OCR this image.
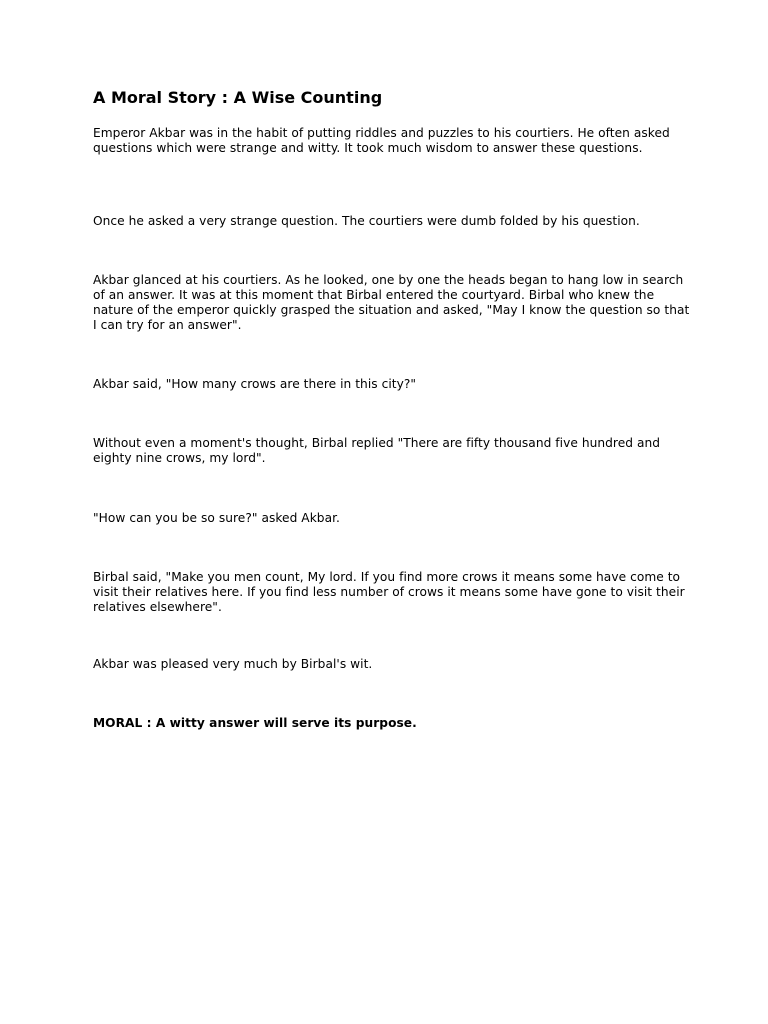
A Moral Story : A Wise Counting

Emperor Akbar was in the habit of putting riddles and puzzles to his courtiers. He often asked questions which were strange and witty. It took much wisdom to answer these questions.

Once he asked a very strange question. The courtiers were dumb folded by his question.

Akbar glanced at his courtiers. As he looked, one by one the heads began to hang low in search of an answer. It was at this moment that Birbal entered the courtyard. Birbal who knew the nature of the emperor quickly grasped the situation and asked, "May I know the question so that I can try for an answer".

Akbar said, "How many crows are there in this city?"

Without even a moment's thought, Birbal replied "There are fifty thousand five hundred and eighty nine crows, my lord".

"How can you be so sure?" asked Akbar.

Birbal said, "Make you men count, My lord. If you find more crows it means some have come to visit their relatives here. If you find less number of crows it means some have gone to visit their relatives elsewhere".

Akbar was pleased very much by Birbal's wit.

MORAL : A witty answer will serve its purpose.
